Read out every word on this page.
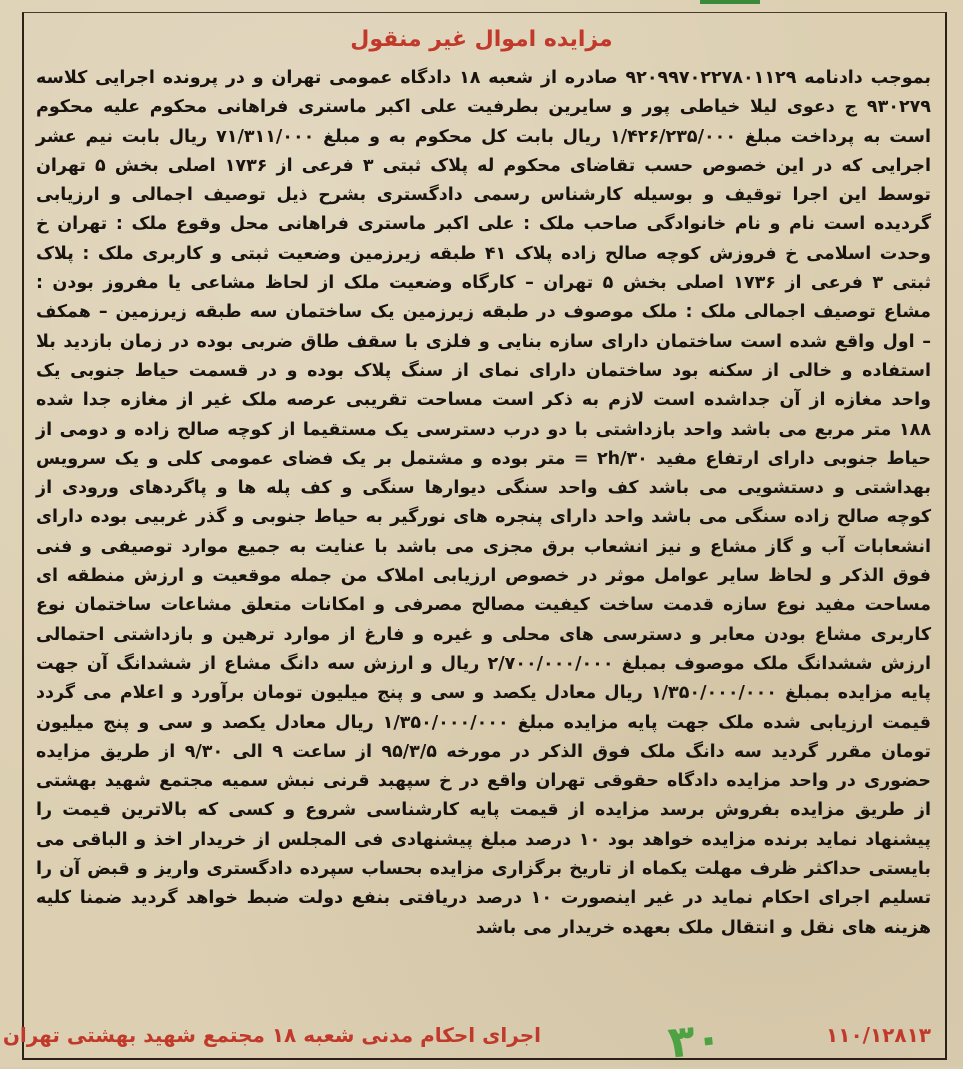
مزایده اموال غیر منقول
بموجب دادنامه ۹۲۰۹۹۷۰۲۲۷۸۰۱۱۲۹ صادره از شعبه ۱۸ دادگاه عمومی تهران و در پرونده اجرایی کلاسه ۹۳۰۲۷۹ ج دعوی لیلا خیاطی پور و سایرین بطرفیت علی اکبر ماستری فراهانی محکوم علیه محکوم است به پرداخت مبلغ ۱/۴۲۶/۲۳۵/۰۰۰ ریال بابت کل محکوم به و مبلغ ۷۱/۳۱۱/۰۰۰ ریال بابت نیم عشر اجرایی که در این خصوص حسب تقاضای محکوم له پلاک ثبتی ۳ فرعی از ۱۷۳۶ اصلی بخش ۵ تهران توسط این اجرا توقیف و بوسیله کارشناس رسمی دادگستری بشرح ذیل توصیف اجمالی و ارزیابی گردیده است نام و نام خانوادگی صاحب ملک : علی اکبر ماستری فراهانی محل وقوع ملک : تهران خ وحدت اسلامی خ فروزش کوچه صالح زاده پلاک ۴۱ طبقه زیرزمین وضعیت ثبتی و کاربری ملک : پلاک ثبتی ۳ فرعی از ۱۷۳۶ اصلی بخش ۵ تهران – کارگاه وضعیت ملک از لحاظ مشاعی یا مفروز بودن : مشاع توصیف اجمالی ملک : ملک موصوف در طبقه زیرزمین یک ساختمان سه طبقه زیرزمین – همکف – اول واقع شده است ساختمان دارای سازه بنایی و فلزی با سقف طاق ضربی بوده در زمان بازدید بلا استفاده و خالی از سکنه بود ساختمان دارای نمای از سنگ پلاک بوده و در قسمت حیاط جنوبی یک واحد مغازه از آن جداشده است لازم به ذکر است مساحت تقریبی عرصه ملک غیر از مغازه جدا شده ۱۸۸ متر مربع می باشد واحد بازداشتی با دو درب دسترسی یک مستقیما از کوچه صالح زاده و دومی از حیاط جنوبی دارای ارتفاع مفید ۲h/۳۰ = متر بوده و مشتمل بر یک فضای عمومی کلی و یک سرویس بهداشتی و دستشویی می باشد کف واحد سنگی دیوارها سنگی و کف پله ها و پاگردهای ورودی از کوچه صالح زاده سنگی می باشد واحد دارای پنجره های نورگیر به حیاط جنوبی و گذر غربیی بوده دارای انشعابات آب و گاز مشاع و نیز انشعاب برق مجزی می باشد با عنایت به جمیع موارد توصیفی و فنی فوق الذکر و لحاظ سایر عوامل موثر در خصوص ارزیابی املاک من جمله موقعیت و ارزش منطقه ای مساحت مفید نوع سازه قدمت ساخت کیفیت مصالح مصرفی و امکانات متعلق مشاعات ساختمان نوع کاربری مشاع بودن معابر و دسترسی های محلی و غیره و فارغ از موارد ترهین و بازداشتی احتمالی ارزش ششدانگ ملک موصوف بمبلغ ۲/۷۰۰/۰۰۰/۰۰۰ ریال و ارزش سه دانگ مشاع از ششدانگ آن جهت پایه مزایده بمبلغ ۱/۳۵۰/۰۰۰/۰۰۰ ریال معادل یکصد و سی و پنج میلیون تومان برآورد و اعلام می گردد قیمت ارزیابی شده ملک جهت پایه مزایده مبلغ ۱/۳۵۰/۰۰۰/۰۰۰ ریال معادل یکصد و سی و پنج میلیون تومان مقرر گردید سه دانگ ملک فوق الذکر در مورخه ۹۵/۳/۵ از ساعت ۹ الی ۹/۳۰ از طریق مزایده حضوری در واحد مزایده دادگاه حقوقی تهران واقع در خ سپهبد قرنی نبش سمیه مجتمع شهید بهشتی از طریق مزایده بفروش برسد مزایده از قیمت پایه کارشناسی شروع و کسی که بالاترین قیمت را پیشنهاد نماید برنده مزایده خواهد بود ۱۰ درصد مبلغ پیشنهادی فی المجلس از خریدار اخذ و الباقی می بایستی حداکثر ظرف مهلت یکماه از تاریخ برگزاری مزایده بحساب سپرده دادگستری واریز و قبض آن را تسلیم اجرای احکام نماید در غیر اینصورت ۱۰ درصد دریافتی بنفع دولت ضبط خواهد گردید ضمنا کلیه هزینه های نقل و انتقال ملک بعهده خریدار می باشد
۱۱۰/۱۲۸۱۳
اجرای احکام مدنی شعبه ۱۸ مجتمع شهید بهشتی تهران	۳۰
